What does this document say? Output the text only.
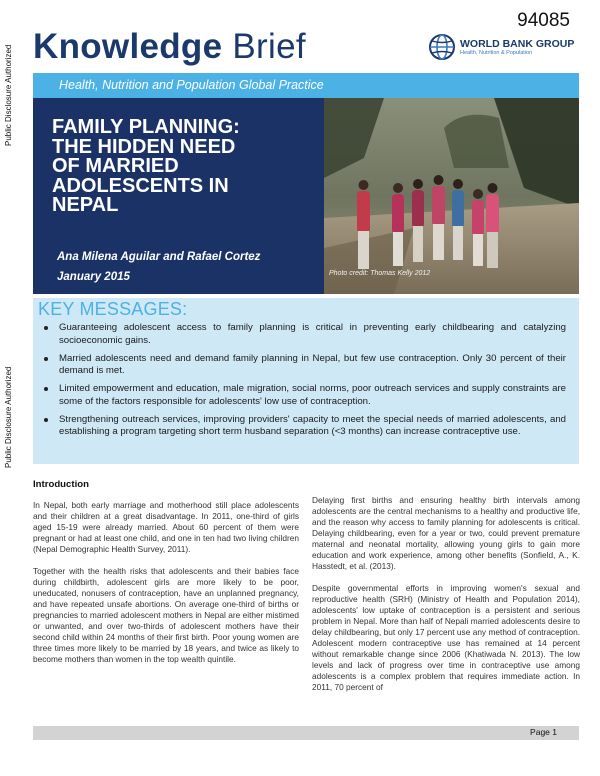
Public Disclosure Authorized
Public Disclosure Authorized
94085
Knowledge Brief	WORLD BANK GROUP
Health, Nutrition & Population
Health, Nutrition and Population Global Practice
FAMILY PLANNING:
THE HIDDEN NEED
OF MARRIED
ADOLESCENTS IN
NEPAL
Ana Milena Aguilar and Rafael Cortez
January 2015	Photo credit: Thomas Kelly 2012
KEY MESSAGES:
Guaranteeing adolescent access to family planning is critical in preventing early childbearing and catalyzing socioeconomic gains.
Married adolescents need and demand family planning in Nepal, but few use contraception. Only 30 percent of their demand is met.
Limited empowerment and education, male migration, social norms, poor outreach services and supply constraints are some of the factors responsible for adolescents' low use of contraception.
Strengthening outreach services, improving providers' capacity to meet the special needs of married adolescents, and establishing a program targeting short term husband separation (<3 months) can increase contraceptive use.
Introduction

In Nepal, both early marriage and motherhood still place adolescents and their children at a great disadvantage. In 2011, one-third of girls aged 15-19 were already married. About 60 percent of them were pregnant or had at least one child, and one in ten had two living children (Nepal Demographic Health Survey, 2011).

Together with the health risks that adolescents and their babies face during childbirth, adolescent girls are more likely to be poor, uneducated, nonusers of contraception, have an unplanned pregnancy, and have repeated unsafe abortions. On average one-third of births or pregnancies to married adolescent mothers in Nepal are either mistimed or unwanted, and over two-thirds of adolescent mothers have their second child within 24 months of their first birth. Poor young women are three times more likely to be married by 18 years, and twice as likely to become mothers than women in the top wealth quintile.

Delaying first births and ensuring healthy birth intervals among adolescents are the central mechanisms to a healthy and productive life, and the reason why access to family planning for adolescents is critical. Delaying childbearing, even for a year or two, could prevent premature maternal and neonatal mortality, allowing young girls to gain more education and work experience, among other benefits (Sonfield, A., K. Hasstedt, et al. (2013).

Despite governmental efforts in improving women's sexual and reproductive health (SRH) (Ministry of Health and Population 2014), adolescents' low uptake of contraception is a persistent and serious problem in Nepal. More than half of Nepali married adolescents desire to delay childbearing, but only 17 percent use any method of contraception. Adolescent modern contraceptive use has remained at 14 percent without remarkable change since 2006 (Khatiwada N. 2013). The low levels and lack of progress over time in contraceptive use among adolescents is a complex problem that requires immediate action. In 2011, 70 percent of

Page 1
